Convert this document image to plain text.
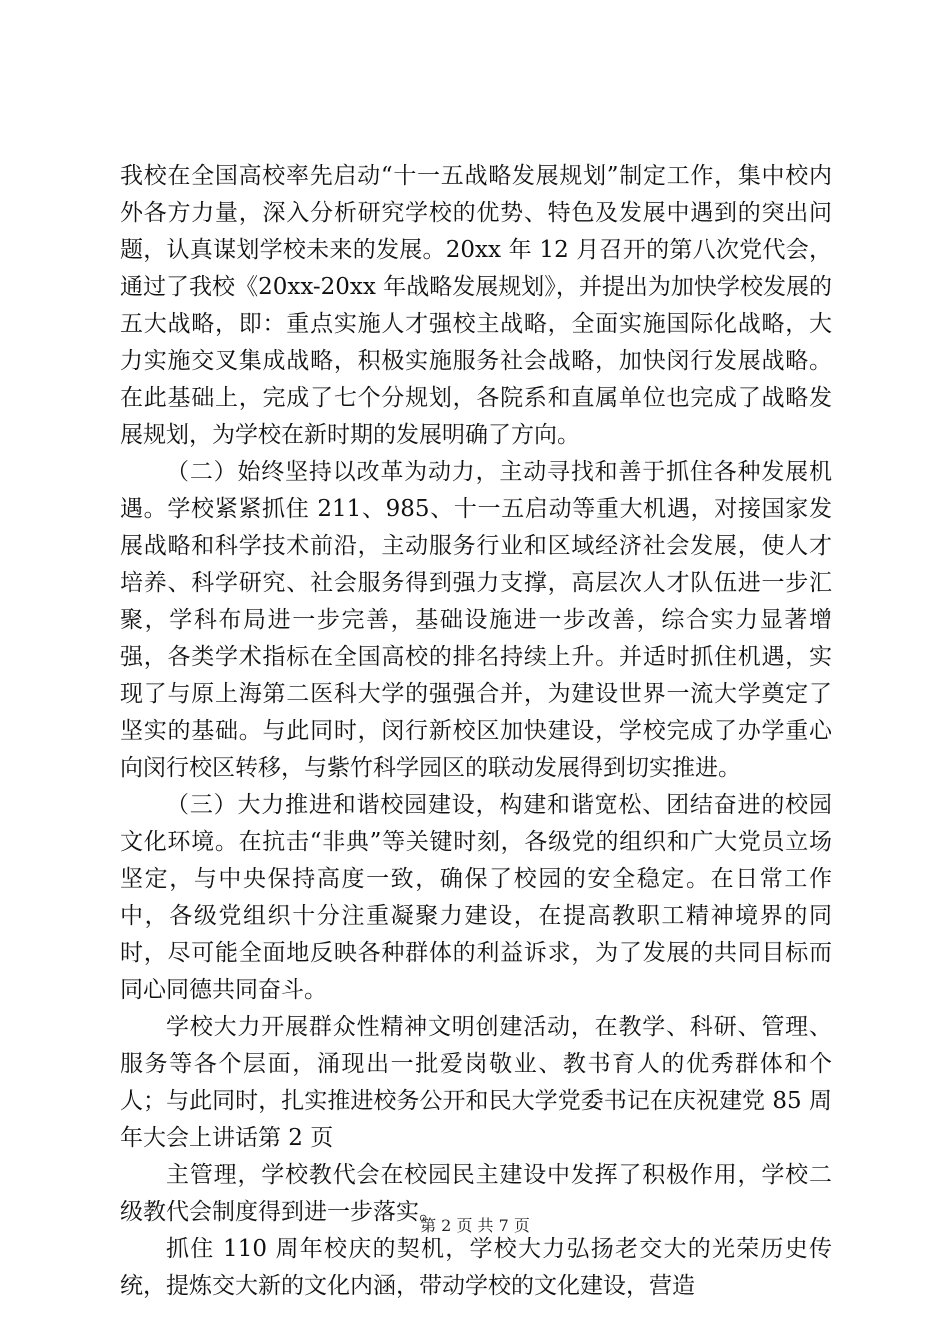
我校在全国高校率先启动“十一五战略发展规划”制定工作，集中校内外各方力量，深入分析研究学校的优势、特色及发展中遇到的突出问题，认真谋划学校未来的发展。20xx 年 12 月召开的第八次党代会，通过了我校《20xx-20xx 年战略发展规划》，并提出为加快学校发展的五大战略，即：重点实施人才强校主战略，全面实施国际化战略，大力实施交叉集成战略，积极实施服务社会战略，加快闵行发展战略。在此基础上，完成了七个分规划，各院系和直属单位也完成了战略发展规划，为学校在新时期的发展明确了方向。

（二）始终坚持以改革为动力，主动寻找和善于抓住各种发展机遇。学校紧紧抓住 211、985、十一五启动等重大机遇，对接国家发展战略和科学技术前沿，主动服务行业和区域经济社会发展，使人才培养、科学研究、社会服务得到强力支撑，高层次人才队伍进一步汇聚，学科布局进一步完善，基础设施进一步改善，综合实力显著增强，各类学术指标在全国高校的排名持续上升。并适时抓住机遇，实现了与原上海第二医科大学的强强合并，为建设世界一流大学奠定了坚实的基础。与此同时，闵行新校区加快建设，学校完成了办学重心向闵行校区转移，与紫竹科学园区的联动发展得到切实推进。

（三）大力推进和谐校园建设，构建和谐宽松、团结奋进的校园文化环境。在抗击“非典”等关键时刻，各级党的组织和广大党员立场坚定，与中央保持高度一致，确保了校园的安全稳定。在日常工作中，各级党组织十分注重凝聚力建设，在提高教职工精神境界的同时，尽可能全面地反映各种群体的利益诉求，为了发展的共同目标而同心同德共同奋斗。

学校大力开展群众性精神文明创建活动，在教学、科研、管理、服务等各个层面，涌现出一批爱岗敬业、教书育人的优秀群体和个人；与此同时，扎实推进校务公开和民大学党委书记在庆祝建党 85 周年大会上讲话第 2 页

主管理，学校教代会在校园民主建设中发挥了积极作用，学校二级教代会制度得到进一步落实。

抓住 110 周年校庆的契机，学校大力弘扬老交大的光荣历史传统，提炼交大新的文化内涵，带动学校的文化建设，营造

第 2 页 共 7 页
